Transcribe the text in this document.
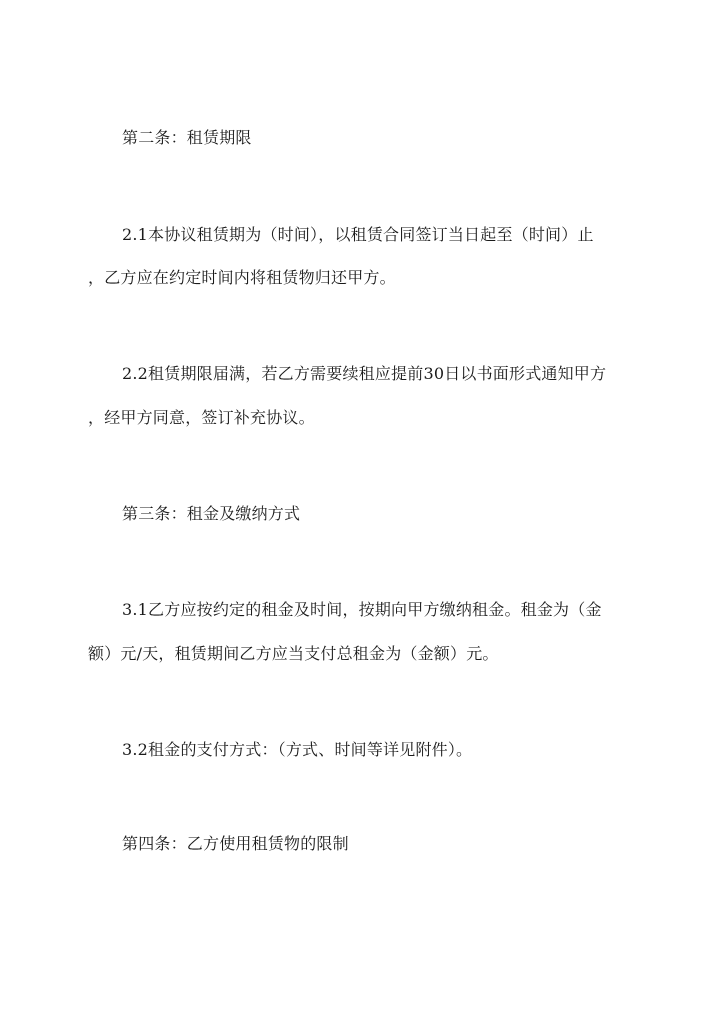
第二条：租赁期限
2.1本协议租赁期为（时间），以租赁合同签订当日起至（时间）止
，乙方应在约定时间内将租赁物归还甲方。
2.2租赁期限届满，若乙方需要续租应提前30日以书面形式通知甲方
，经甲方同意，签订补充协议。
第三条：租金及缴纳方式
3.1乙方应按约定的租金及时间，按期向甲方缴纳租金。租金为（金
额）元/天，租赁期间乙方应当支付总租金为（金额）元。
3.2租金的支付方式：（方式、时间等详见附件）。
第四条：乙方使用租赁物的限制
